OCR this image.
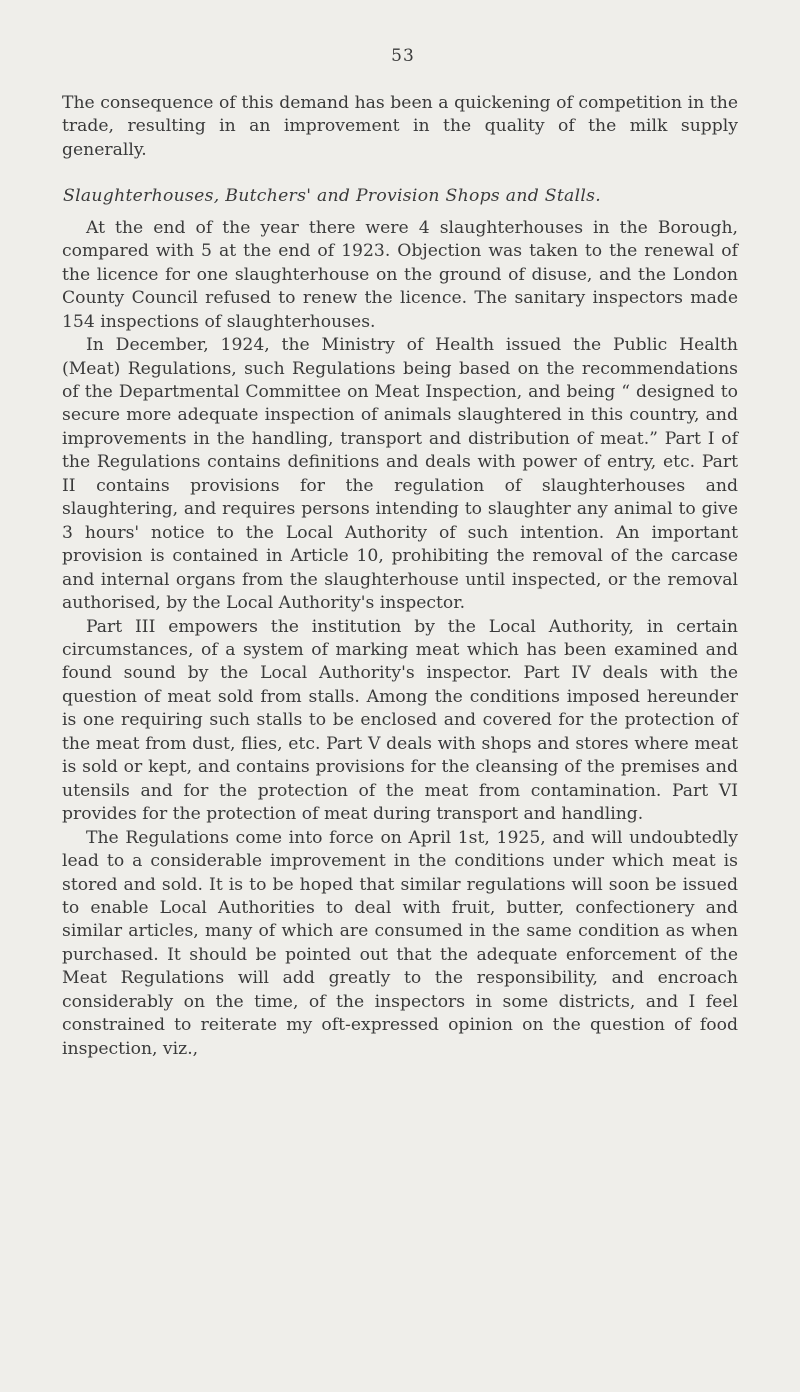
53

The consequence of this demand has been a quickening of competition in the trade, resulting in an improvement in the quality of the milk supply generally.

Slaughterhouses, Butchers' and Provision Shops and Stalls.

At the end of the year there were 4 slaughterhouses in the Borough, compared with 5 at the end of 1923. Objection was taken to the renewal of the licence for one slaughterhouse on the ground of disuse, and the London County Council refused to renew the licence. The sanitary inspectors made 154 inspections of slaughterhouses.

In December, 1924, the Ministry of Health issued the Public Health (Meat) Regulations, such Regulations being based on the recommendations of the Departmental Committee on Meat Inspection, and being “ designed to secure more adequate inspection of animals slaughtered in this country, and improvements in the handling, transport and distribution of meat.” Part I of the Regulations contains definitions and deals with power of entry, etc. Part II contains provisions for the regulation of slaughterhouses and slaughtering, and requires persons intending to slaughter any animal to give 3 hours' notice to the Local Authority of such intention. An important provision is contained in Article 10, prohibiting the removal of the carcase and internal organs from the slaughterhouse until inspected, or the removal authorised, by the Local Authority's inspector.

Part III empowers the institution by the Local Authority, in certain circumstances, of a system of marking meat which has been examined and found sound by the Local Authority's inspector. Part IV deals with the question of meat sold from stalls. Among the conditions imposed hereunder is one requiring such stalls to be enclosed and covered for the protection of the meat from dust, flies, etc. Part V deals with shops and stores where meat is sold or kept, and contains provisions for the cleansing of the premises and utensils and for the protection of the meat from contamination. Part VI provides for the protection of meat during transport and handling.

The Regulations come into force on April 1st, 1925, and will undoubtedly lead to a considerable improvement in the conditions under which meat is stored and sold. It is to be hoped that similar regulations will soon be issued to enable Local Authorities to deal with fruit, butter, confectionery and similar articles, many of which are consumed in the same condition as when purchased. It should be pointed out that the adequate enforcement of the Meat Regulations will add greatly to the responsibility, and encroach considerably on the time, of the inspectors in some districts, and I feel constrained to reiterate my oft-expressed opinion on the question of food inspection, viz.,
